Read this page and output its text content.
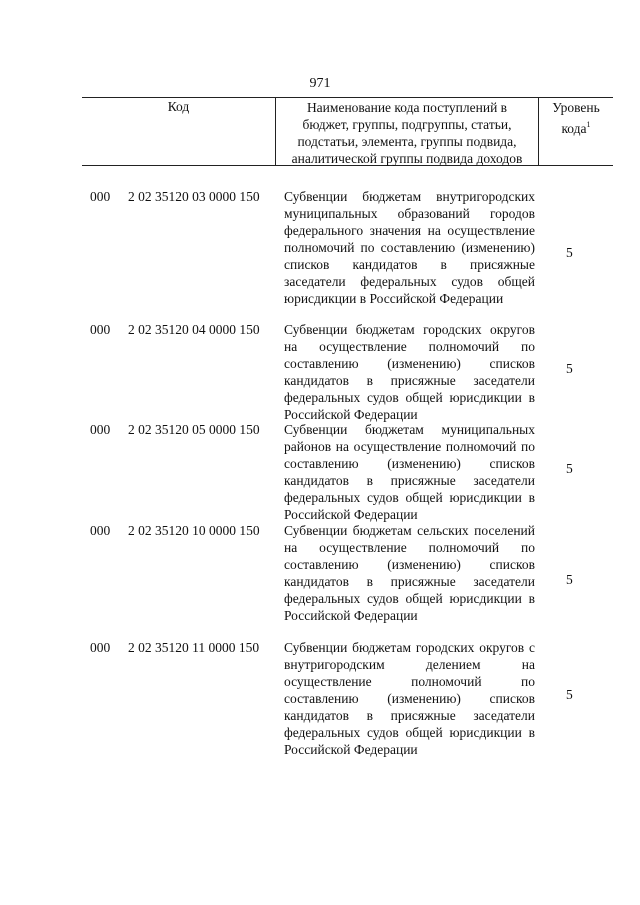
971
Код	Наименование кода поступлений в
бюджет, группы, подгруппы, статьи,
подстатьи, элемента, группы подвида,
аналитической группы подвида доходов
Уровень
кода$^1$
000 2 02 35120 03 0000 150 Субвенции бюджетам внутригородских муниципальных образований городов федерального значения на осуществление полномочий по составлению (изменению) списков кандидатов в присяжные заседатели федеральных судов общей юрисдикции в Российской Федерации
5
000 2 02 35120 04 0000 150 Субвенции бюджетам городских округов на осуществление полномочий по составлению (изменению) списков кандидатов в присяжные заседатели федеральных судов общей юрисдикции в Российской Федерации
5
000 2 02 35120 05 0000 150 Субвенции бюджетам муниципальных районов на осуществление полномочий по составлению (изменению) списков кандидатов в присяжные заседатели федеральных судов общей юрисдикции в Российской Федерации
5
000 2 02 35120 10 0000 150 Субвенции бюджетам сельских поселений на осуществление полномочий по составлению (изменению) списков кандидатов в присяжные заседатели федеральных судов общей юрисдикции в Российской Федерации
5
000 2 02 35120 11 0000 150 Субвенции бюджетам городских округов с внутригородским делением на осуществление полномочий по составлению (изменению) списков кандидатов в присяжные заседатели федеральных судов общей юрисдикции в Российской Федерации
5
